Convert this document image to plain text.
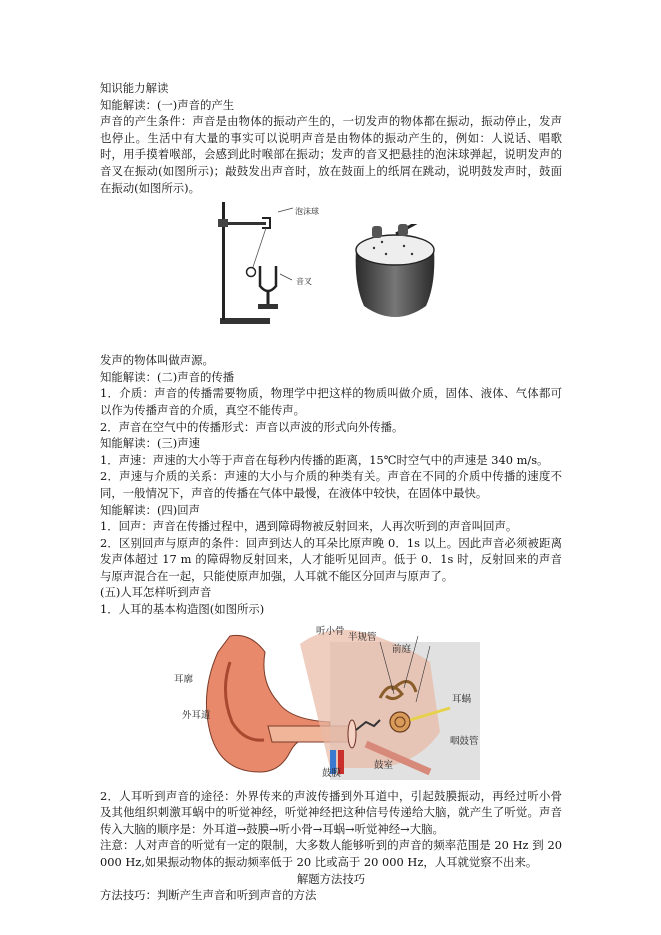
知识能力解读

知能解读：(一)声音的产生

声音的产生条件：声音是由物体的振动产生的，一切发声的物体都在振动，振动停止，发声也停止。生活中有大量的事实可以说明声音是由物体的振动产生的，例如：人说话、唱歌时，用手摸着喉部，会感到此时喉部在振动；发声的音叉把悬挂的泡沫球弹起，说明发声的音叉在振动(如图所示)；敲鼓发出声音时，放在鼓面上的纸屑在跳动，说明鼓发声时，鼓面在振动(如图所示)。

泡沫球
音叉

发声的物体叫做声源。

知能解读：(二)声音的传播

1．介质：声音的传播需要物质，物理学中把这样的物质叫做介质，固体、液体、气体都可以作为传播声音的介质，真空不能传声。

2．声音在空气中的传播形式：声音以声波的形式向外传播。

知能解读：(三)声速

1．声速：声速的大小等于声音在每秒内传播的距离，15℃时空气中的声速是 340 m/s。

2．声速与介质的关系：声速的大小与介质的种类有关。声音在不同的介质中传播的速度不同，一般情况下，声音的传播在气体中最慢，在液体中较快，在固体中最快。

知能解读：(四)回声

1．回声：声音在传播过程中，遇到障碍物被反射回来，人再次听到的声音叫回声。

2．区别回声与原声的条件：回声到达人的耳朵比原声晚 0．1s 以上。因此声音必须被距离发声体超过 17 m 的障碍物反射回来，人才能听见回声。低于 0．1s 时，反射回来的声音与原声混合在一起，只能使原声加强，人耳就不能区分回声与原声了。

(五)人耳怎样听到声音

1．人耳的基本构造图(如图所示)

听小骨
半规管
前庭
耳廓
外耳道
耳蜗
咽鼓管
鼓膜
鼓室

2．人耳听到声音的途径：外界传来的声波传播到外耳道中，引起鼓膜振动，再经过听小骨及其他组织刺激耳蜗中的听觉神经，听觉神经把这种信号传递给大脑，就产生了听觉。声音传入大脑的顺序是：外耳道→鼓膜→听小骨→耳蜗→听觉神经→大脑。

注意：人对声音的听觉有一定的限制，大多数人能够听到的声音的频率范围是 20 Hz 到 20 000 Hz,如果振动物体的振动频率低于 20 比或高于 20 000 Hz，人耳就觉察不出来。

解题方法技巧

方法技巧：判断产生声音和听到声音的方法
